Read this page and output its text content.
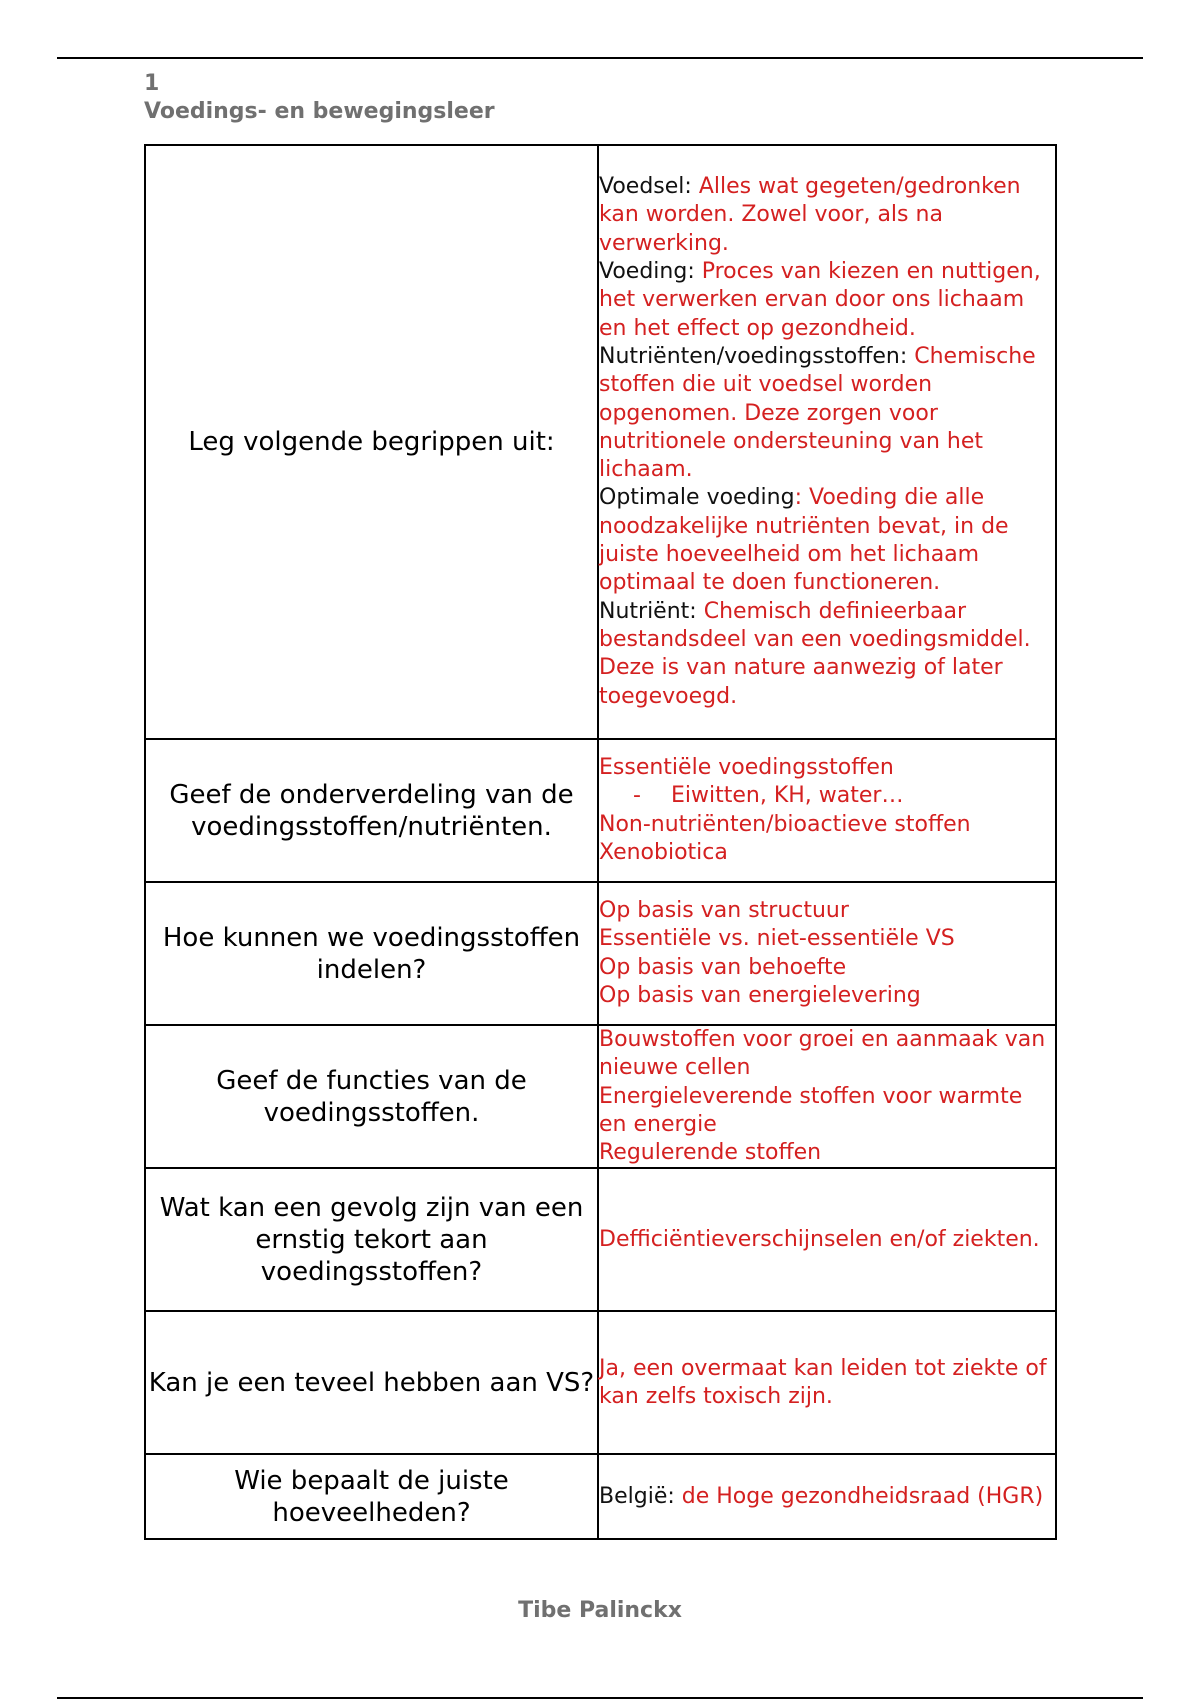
1
Voedings- en bewegingsleer
Leg volgende begrippen uit:	Voedsel: Alles wat gegeten/gedronken kan worden. Zowel voor, als na verwerking.
Voeding: Proces van kiezen en nuttigen, het verwerken ervan door ons lichaam en het effect op gezondheid.
Nutriënten/voedingsstoffen: Chemische stoffen die uit voedsel worden opgenomen. Deze zorgen voor nutritionele ondersteuning van het lichaam.
Optimale voeding: Voeding die alle noodzakelijke nutriënten bevat, in de juiste hoeveelheid om het lichaam optimaal te doen functioneren.
Nutriënt: Chemisch definieerbaar bestandsdeel van een voedingsmiddel. Deze is van nature aanwezig of later toegevoegd.

Geef de onderverdeling van de voedingsstoffen/nutriënten.	Essentiële voedingsstoffen
- Eiwitten, KH, water…
Non-nutriënten/bioactieve stoffen
Xenobiotica

Hoe kunnen we voedingsstoffen indelen?	Op basis van structuur
Essentiële vs. niet-essentiële VS
Op basis van behoefte
Op basis van energielevering

Geef de functies van de voedingsstoffen.	Bouwstoffen voor groei en aanmaak van nieuwe cellen
Energieleverende stoffen voor warmte en energie
Regulerende stoffen

Wat kan een gevolg zijn van een ernstig tekort aan voedingsstoffen?	Defficiëntieverschijnselen en/of ziekten.

Kan je een teveel hebben aan VS?	Ja, een overmaat kan leiden tot ziekte of kan zelfs toxisch zijn.

Wie bepaalt de juiste hoeveelheden?	België: de Hoge gezondheidsraad (HGR)
Tibe Palinckx
